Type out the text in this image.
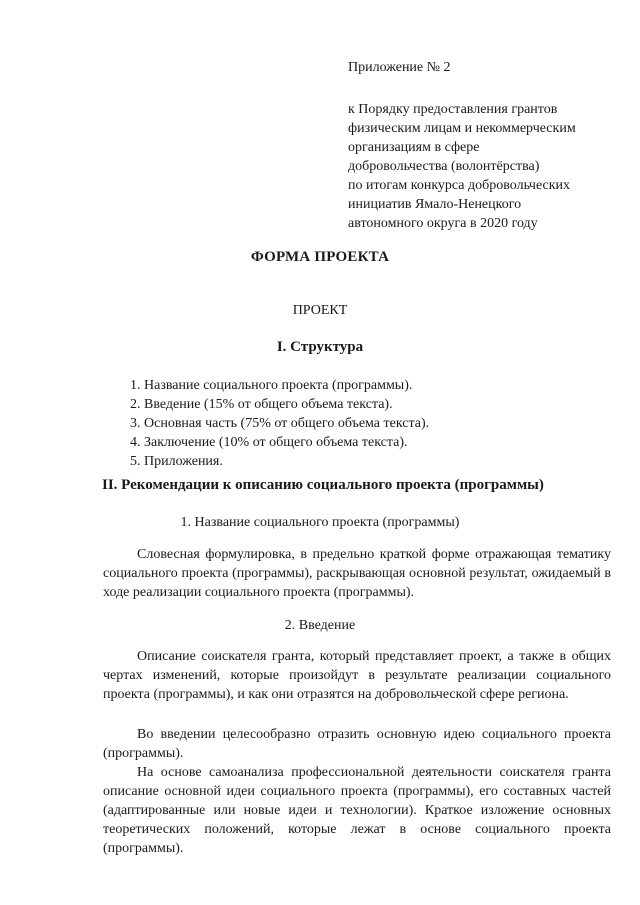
Приложение № 2
к Порядку предоставления грантов
физическим лицам и некоммерческим
организациям в сфере
добровольчества (волонтёрства)
по итогам конкурса добровольческих
инициатив Ямало-Ненецкого
автономного округа в 2020 году
ФОРМА ПРОЕКТА
ПРОЕКТ
I. Структура
1. Название социального проекта (программы).
2. Введение (15% от общего объема текста).
3. Основная часть (75% от общего объема текста).
4. Заключение (10% от общего объема текста).
5. Приложения.
II. Рекомендации к описанию социального проекта (программы)
1. Название социального проекта (программы)

Словесная формулировка, в предельно краткой форме отражающая тематику социального проекта (программы), раскрывающая основной результат, ожидаемый в ходе реализации социального проекта (программы).

2. Введение

Описание соискателя гранта, который представляет проект, а также в общих чертах изменений, которые произойдут в результате реализации социального проекта (программы), и как они отразятся на добровольческой сфере региона.

Во введении целесообразно отразить основную идею социального проекта (программы).

На основе самоанализа профессиональной деятельности соискателя гранта описание основной идеи социального проекта (программы), его составных частей (адаптированные или новые идеи и технологии). Краткое изложение основных теоретических положений, которые лежат в основе социального проекта (программы).
